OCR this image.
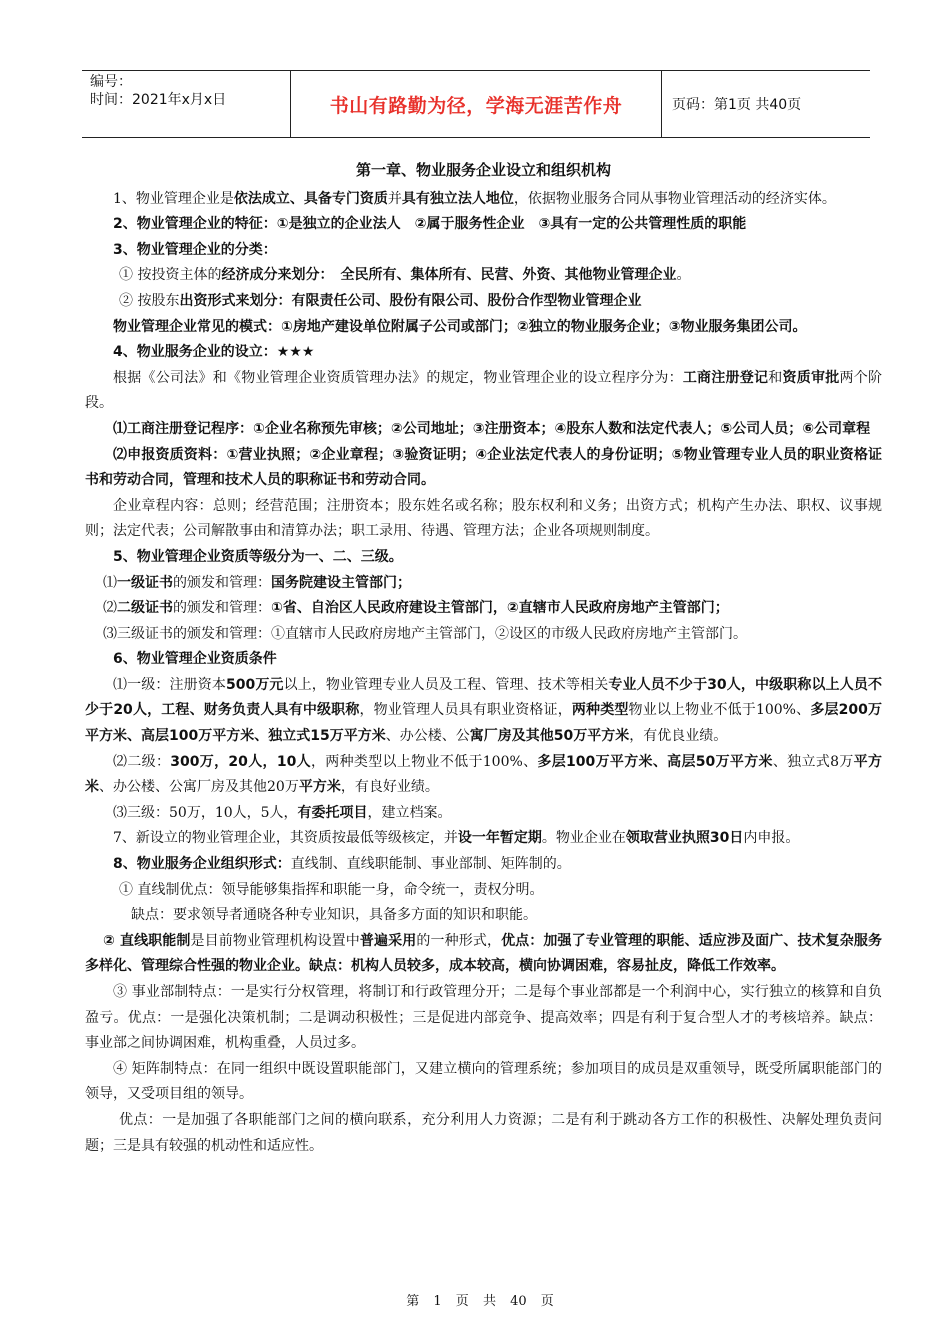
编号：
时间：2021年x月x日	书山有路勤为径，学海无涯苦作舟	页码：第1页 共40页
第一章、物业服务企业设立和组织机构

1、物业管理企业是依法成立、具备专门资质并具有独立法人地位，依据物业服务合同从事物业管理活动的经济实体。

2、物业管理企业的特征：①是独立的企业法人　②属于服务性企业　③具有一定的公共管理性质的职能

3、物业管理企业的分类：

① 按投资主体的经济成分来划分：　全民所有、集体所有、民营、外资、其他物业管理企业。

② 按股东出资形式来划分：有限责任公司、股份有限公司、股份合作型物业管理企业

物业管理企业常见的模式：①房地产建设单位附属子公司或部门；②独立的物业服务企业；③物业服务集团公司。

4、物业服务企业的设立：★★★

根据《公司法》和《物业管理企业资质管理办法》的规定，物业管理企业的设立程序分为：工商注册登记和资质审批两个阶段。

⑴工商注册登记程序：①企业名称预先审核；②公司地址；③注册资本；④股东人数和法定代表人；⑤公司人员；⑥公司章程

⑵申报资质资料：①营业执照；②企业章程；③验资证明；④企业法定代表人的身份证明；⑤物业管理专业人员的职业资格证书和劳动合同，管理和技术人员的职称证书和劳动合同。

企业章程内容：总则；经营范围；注册资本；股东姓名或名称；股东权利和义务；出资方式；机构产生办法、职权、议事规则；法定代表；公司解散事由和清算办法；职工录用、待遇、管理方法；企业各项规则制度。

5、物业管理企业资质等级分为一、二、三级。

⑴一级证书的颁发和管理：国务院建设主管部门；

⑵二级证书的颁发和管理：①省、自治区人民政府建设主管部门，②直辖市人民政府房地产主管部门；

⑶三级证书的颁发和管理：①直辖市人民政府房地产主管部门，②设区的市级人民政府房地产主管部门。

6、物业管理企业资质条件

⑴一级：注册资本500万元以上，物业管理专业人员及工程、管理、技术等相关专业人员不少于30人，中级职称以上人员不少于20人，工程、财务负责人具有中级职称，物业管理人员具有职业资格证，两种类型物业以上物业不低于100%、多层200万平方米、高层100万平方米、独立式15万平方米、办公楼、公寓厂房及其他50万平方米，有优良业绩。

⑵二级：300万，20人，10人，两种类型以上物业不低于100%、多层100万平方米、高层50万平方米、独立式8万平方米、办公楼、公寓厂房及其他20万平方米，有良好业绩。

⑶三级：50万，10人，5人，有委托项目，建立档案。

7、新设立的物业管理企业，其资质按最低等级核定，并设一年暂定期。物业企业在领取营业执照30日内申报。

8、物业服务企业组织形式：直线制、直线职能制、事业部制、矩阵制的。

① 直线制优点：领导能够集指挥和职能一身，命令统一，责权分明。

缺点：要求领导者通晓各种专业知识，具备多方面的知识和职能。

② 直线职能制是目前物业管理机构设置中普遍采用的一种形式，优点：加强了专业管理的职能、适应涉及面广、技术复杂服务多样化、管理综合性强的物业企业。缺点：机构人员较多，成本较高，横向协调困难，容易扯皮，降低工作效率。

③ 事业部制特点：一是实行分权管理，将制订和行政管理分开；二是每个事业部都是一个利润中心，实行独立的核算和自负盈亏。优点：一是强化决策机制；二是调动积极性；三是促进内部竞争、提高效率；四是有利于复合型人才的考核培养。缺点：事业部之间协调困难，机构重叠，人员过多。

④ 矩阵制特点：在同一组织中既设置职能部门，又建立横向的管理系统；参加项目的成员是双重领导，既受所属职能部门的领导，又受项目组的领导。

优点：一是加强了各职能部门之间的横向联系，充分利用人力资源；二是有利于跳动各方工作的积极性、决解处理负责问题；三是具有较强的机动性和适应性。

第 1 页 共 40 页
